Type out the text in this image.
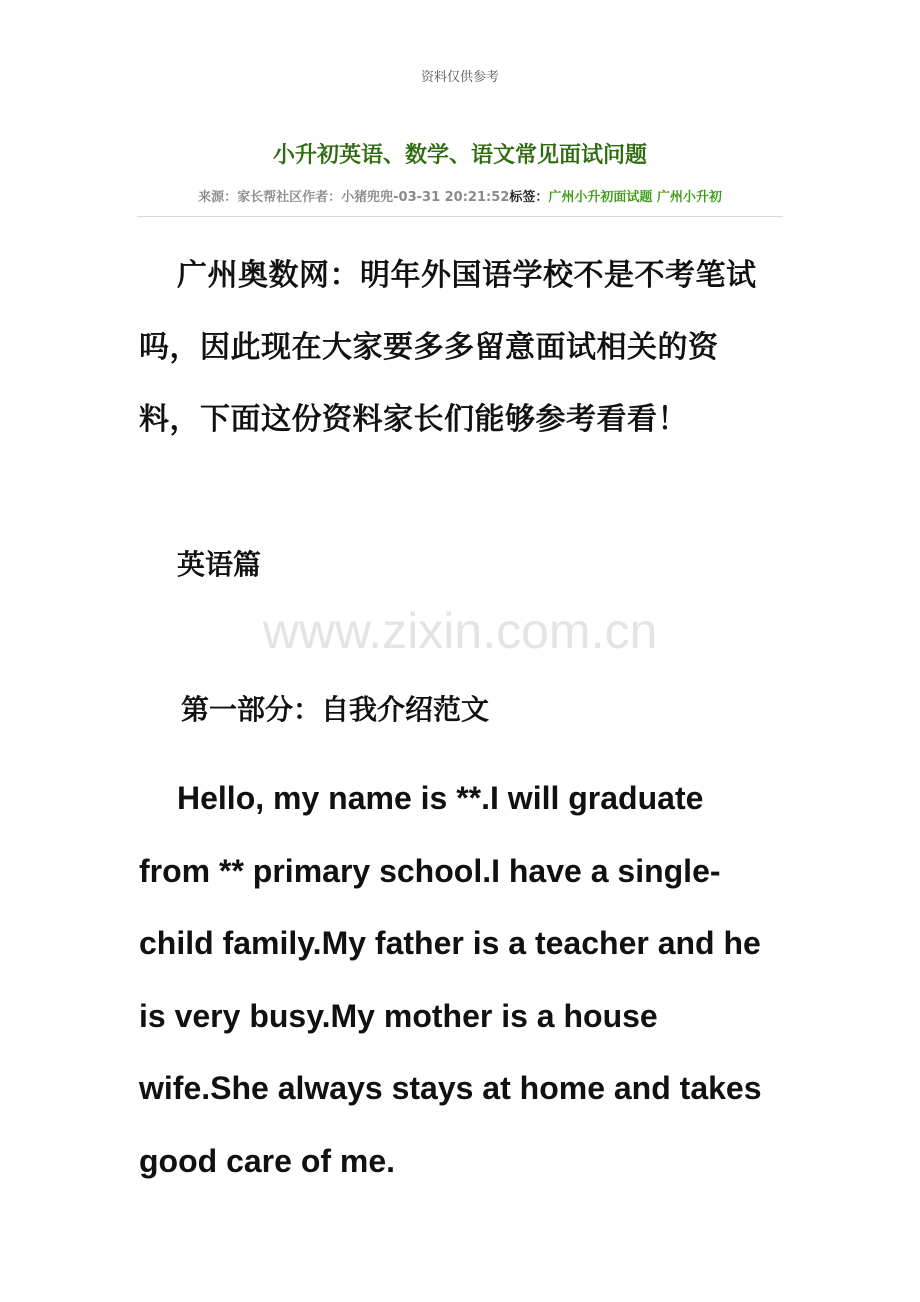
资料仅供参考
小升初英语、数学、语文常见面试问题
来源：家长帮社区作者：小猪兜兜-03-31 20:21:52标签：广州小升初面试题 广州小升初
广州奥数网：明年外国语学校不是不考笔试吗，因此现在大家要多多留意面试相关的资料，下面这份资料家长们能够参考看看！
英语篇
www.zixin.com.cn
第一部分：自我介绍范文
Hello, my name is **.I will graduate from ** primary school.I have a single-child family.My father is a teacher and he is very busy.My mother is a house wife.She always stays at home and takes good care of me.
